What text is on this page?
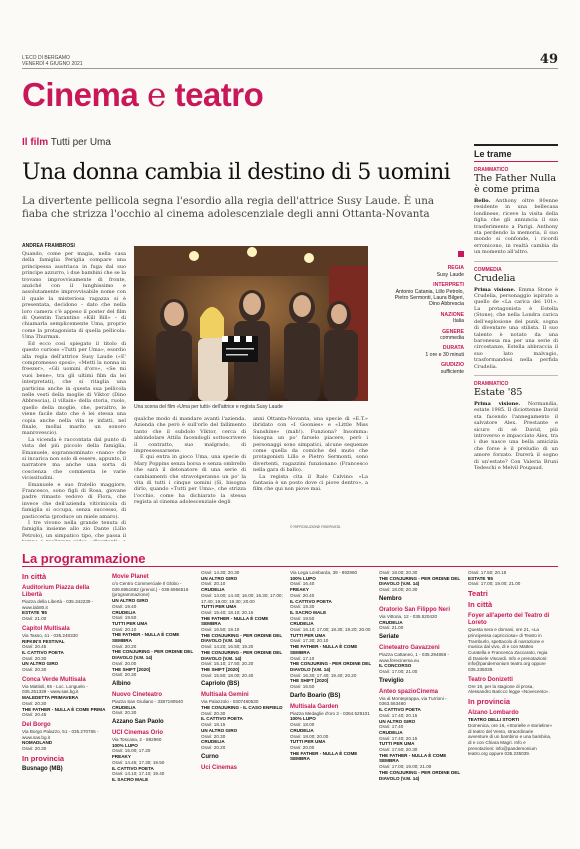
L'ECO DI BERGAMO
VENERDÌ 4 GIUGNO 2021	49
Cinema e teatro
Il film Tutti per Uma
Una donna cambia il destino di 5 uomini
La divertente pellicola segna l'esordio alla regia dell'attrice Susy Laude. È una fiaba che strizza l'occhio al cinema adolescenziale degli anni Ottanta-Novanta
ANDREA FRAMBROSI

Quando, come per magia, nella casa della famiglia Periglia compare una principessa austriaca in fuga dal suo principe azzurro, i due bambini che se la trovano improvvisamente di fronte, anziché con il lunghissimo e assolutamente improvvisabile nome con il quale la misteriosa ragazza si è presentata, decidono – dato che nella loro camera c'è appeso il poster del film di Quentin Tarantino «Kill Bill» – di chiamarla semplicemente Uma, proprio come la protagonista di quella pellicola: Uma Thurman.

Ed ecco così spiegato il titolo di questo curioso «Tutti per Uma», esordio alla regia dell'attrice Susy Laude («E' compromesso sposi», «Metti la nonna in freezer», «Gli uomini d'oro», «Se mi vuoi bene», tra gli ultimi film da lei interpretati), che si ritaglia una particina anche in questa sua pellicola nelle vesti della moglie di Viktor (Dino Abbrescia), il villain» della storia, ruolo, quello della moglie, che, peraltro, le viene facile dato che è lei stessa una copia anche nella vita (e infatti, nel finale, mollai marito un sonoro manrovescio).

La vicenda è raccontata dal punto di vista del più piccolo della famiglia, Emanuele, soprannominato «nano» che si incarica non solo di essere, appunto, il narratore ma anche una sorta di coscienza che commenta le varie vicissitudini.

Emanuele e suo fratello maggiore, Francesco, sono figli di Rosa, giovane padre rimasto vedovo di Flora, che invece che dell'azienda vitivinicola di famiglia si occupa, senza successo, di pasticceria (produce un miele amaro).

I tre vivono nella grande tenuta di famiglia insieme allo zio Dante (Lillo Petrolo), un simpatico tipo, che passa il

Una scena del film «Uma per tutti» dell'attrice e regista Susy Laude

qualche modo di mandare avanti l'azienda. Azienda che però è sull'orlo del fallimento tanto che il subdolo Viktor, cerca di abbindolare Attila facendogli sottoscrivere il contratto, suo malgrado, di impressessarsene.

E qui entra in gioco Uma, una specie di Mary Poppins senza borsa e senza ombrello che sarà il detonatore di una serie di cambiamenti che stravolgeranno un po' la vita di tutti i cinque uomini (Sì, bisogna dirlo, quando «Tutti per Uma», che strizza l'occhio, come ha dichiarato la stessa regista al cinema adolescenziale degli

anni Ottanta-Novanta, una specie di «E.T.» ibridato con «I Goonies» e «Little Miss Sunshine» (mah!). Funziona? Insomma: bisogna un po' farselo piacere, però i personaggi sono simpatici, alcune sequenze come quella da comiche del muto che protagonisti Lillo e Pietro Sermonti, sono divertenti, ragazzini funzionano (Francesco nella gara di ballo).

La regista cita il Italo Calvino: «La fantasia è un posto dove ci piove dentro», a film che qui non piove mai.

REGIA
Susy Laude
INTERPRETI
Antonio Catania, Lillo Petrolo, Pietro Sermonti, Laura Bilgeri, Dino Abbrescia
NAZIONE
Italia
GENERE
commedia
DURATA
1 ore e 30 minuti
GIUDIZIO
sufficiente
© RIPRODUZIONE RISERVATA
Le trame
DRAMMATICO
The Father Nulla è come prima
Bello. Anthony oltre 80enne residente in una bellecasa londinese, riceve la visita della figlia che gli annuncia il suo trasferimento a Parigi. Anthony sta perdendo la memoria, il suo mondo si confonde, i ricordi erronicono, in realtà cambia da un momento all'altro.
COMMEDIA
Crudelia
Prima visione. Emma Stone è Crudelia, personaggio ispirato a quello de «La carica dei 101». La protagonista è Estella (Stone), che nella Londra carica dell'esplosione del punk, sogna di diventare una stilista. Il suo talento è notato da una baronessa ma per una serie di circostanze, Estella abbraccia il suo lato malvagio, trasformandosi nella perfida Crudelia.
DRAMMATICO
Estate '85
Prima visione. Normandia, estate 1985. Il diciottenne David sta facendo l'annegamento il salvatore Alex. Prestante e sicuro di sé David, più introverso e impacciato Alex, tra i due nasce una bella amicizia che forse è il preludio di un amore forzato. Durerà il sogno di un'estate? Con Valeria Bruni Tedeschi e Melvil Poupaud.
La programmazione
In città
Auditorium Piazza della Libertà
Piazza della Libertà - 035.342239 - www.lab80.it
ESTATE '85
Orari: 21.00
Capitol Multisala
Via Tasso, 41 - 035.248330
RIFKIN'S FESTIVAL
Orari: 20.45
IL CATTIVO POETA
Orari: 20.30
UN ALTRO GIRO
Orari: 20.30
Conca Verde Multisala
Via Mattioli, 65 - Loc. Longuelo - 035.251339 - www.sas.bg.it
MALEDETTA PRIMAVERA
Orari: 20.30
THE FATHER - NULLA È COME PRIMA
Orari: 20.45
Del Borgo
Via Borgo Palazzo, 51 - 035.270765 - www.sas.bg.it
NOMADLAND
Orari: 20.30
In provincia
Busnago (MB)
Movie Planet
c/o Centro Commerciale Il Globo - 039.6951682 (prenot.) - 039.6956516 (programmazione)
UN ALTRO GIRO
Orari: 19.40
CRUDELIA
Orari: 19.50
TUTTI PER UMA
Orari: 20.10
THE FATHER - NULLA È COME SEMBRA
Orari: 20.20
THE CONJURING - PER ORDINE DEL DIAVOLO (V.M. 14)
Orari: 20.00
THE SHIFT [2020]
Orari: 20.30
Albino
Nuovo Cineteatro
Piazza San Giuliano - 3387190540
CRUDELIA
Orari: 20.30
Azzano San Paolo
UCI Cinemas Orio
Via Toscana, 2 - 892960
100% LUPO
Orari: 15.00; 17.20
FREAKY
Orari: 14.45; 17.30; 19.50
IL CATTIVO POETA
Orari: 14.10; 17.10; 19.40
IL SACRO MALE
Orari: 14.30; 20.30
UN ALTRO GIRO
Orari: 20.10
CRUDELIA
Orari: 14.00; 14.40; 16.00; 16.30; 17.00; 17.40; 19.00; 19.30; 20.00
TUTTI PER UMA
Orari: 15.40; 18.10; 20.15
THE FATHER - NULLA È COME SEMBRA
Orari: 16.50; 19.10
THE CONJURING - PER ORDINE DEL DIAVOLO (V.M. 14)
Orari: 14.20; 16.50; 19.20
THE CONJURING - PER ORDINE DEL DIAVOLO (V.M. 14)
Orari: 15.10; 17.50; 20.20
THE SHIFT [2020]
Orari: 15.50; 18.00; 20.40
Capriolo (BS)
Multisala Gemini
Via Palazzolo - 0307460530
THE CONJURING - IL CASO ENFIELD
Orari: 20.30
IL CATTIVO POETA
Orari: 18.15
UN ALTRO GIRO
Orari: 20.30
CRUDELIA
Orari: 20.20
Curno
Uci Cinemas
Via Lega Lombarda, 39 - 892960
100% LUPO
Orari: 16.40
FREAKY
Orari: 20.40
IL CATTIVO POETA
Orari: 19.30
IL SACRO MALE
Orari: 19.50
CRUDELIA
Orari: 16.10; 17.00; 18.30; 19.20; 20.00
TUTTI PER UMA
Orari: 17.30; 20.10
THE FATHER - NULLA È COME SEMBRA
Orari: 17.10
THE CONJURING - PER ORDINE DEL DIAVOLO (V.M. 14)
Orari: 16.30; 17.40; 19.40; 20.20
THE SHIFT [2020]
Orari: 16.50
Darfo Boario (BS)
Multisala Garden
Piazza Medaglie d'oro 2 - 0364.529101
100% LUPO
Orari: 18.00
CRUDELIA
Orari: 18.00; 20.00
TUTTI PER UMA
Orari: 20.00
THE FATHER - NULLA È COME SEMBRA
Orari: 18.00; 20.30
THE CONJURING - PER ORDINE DEL DIAVOLO (V.M. 14)
Orari: 18.00; 20.30
Nembro
Oratorio San Filippo Neri
Via Vittoria, 12 - 035.520420
CRUDELIA
Orari: 21.00
Seriate
Cineteatro Gavazzeni
Piazza Cattaneo, 1 - 035.294868 - www.ferecinema.eu
IL CONCORSO
Orari: 17.00; 21.00
Treviglio
Anteo spazioCinema
Via al Monteprappa, via Turrioni - 0363.563460
IL CATTIVO POETA
Orari: 17.40; 20.15
UN ALTRO GIRO
Orari: 17.40
CRUDELIA
Orari: 17.40; 20.15
TUTTI PER UMA
Orari: 17.50; 20.30
THE FATHER - NULLA È COME SEMBRA
Orari: 17.00; 19.00; 21.00
THE CONJURING - PER ORDINE DEL DIAVOLO (V.M. 14)
Orari: 17.50; 20.15
ESTATE '85
Orari: 17.00; 19.00; 21.00
Teatri
In città
Foyer all'aperto del Teatro di Loreto
Questa sera e domani, ore 21, «La principessa capricciosa» di Teatro in Tramburlo, spettacolo di narrazione e musica dal vivo, di e con Matteo Curatella e Francesca Zaccarato, regia di Daniele Viscardi. Info e prenotazioni: info@pandemonium teatro.org oppure 035.235039.
Teatro Donizetti
Ore 19, per la stagione di prosa, Alessandro Baricco legge «Novecento».
In provincia
Alzano Lombardo
TEATRO DELLI STORTI
Domenica, ore 16, «Storielle e storieline» di teatro del Vento, straordinarie avventure di un bambino e una bambina, di e con Chiara Magri. Info e prenotazioni: info@pandemonium teatro.org oppure 035.235039.
